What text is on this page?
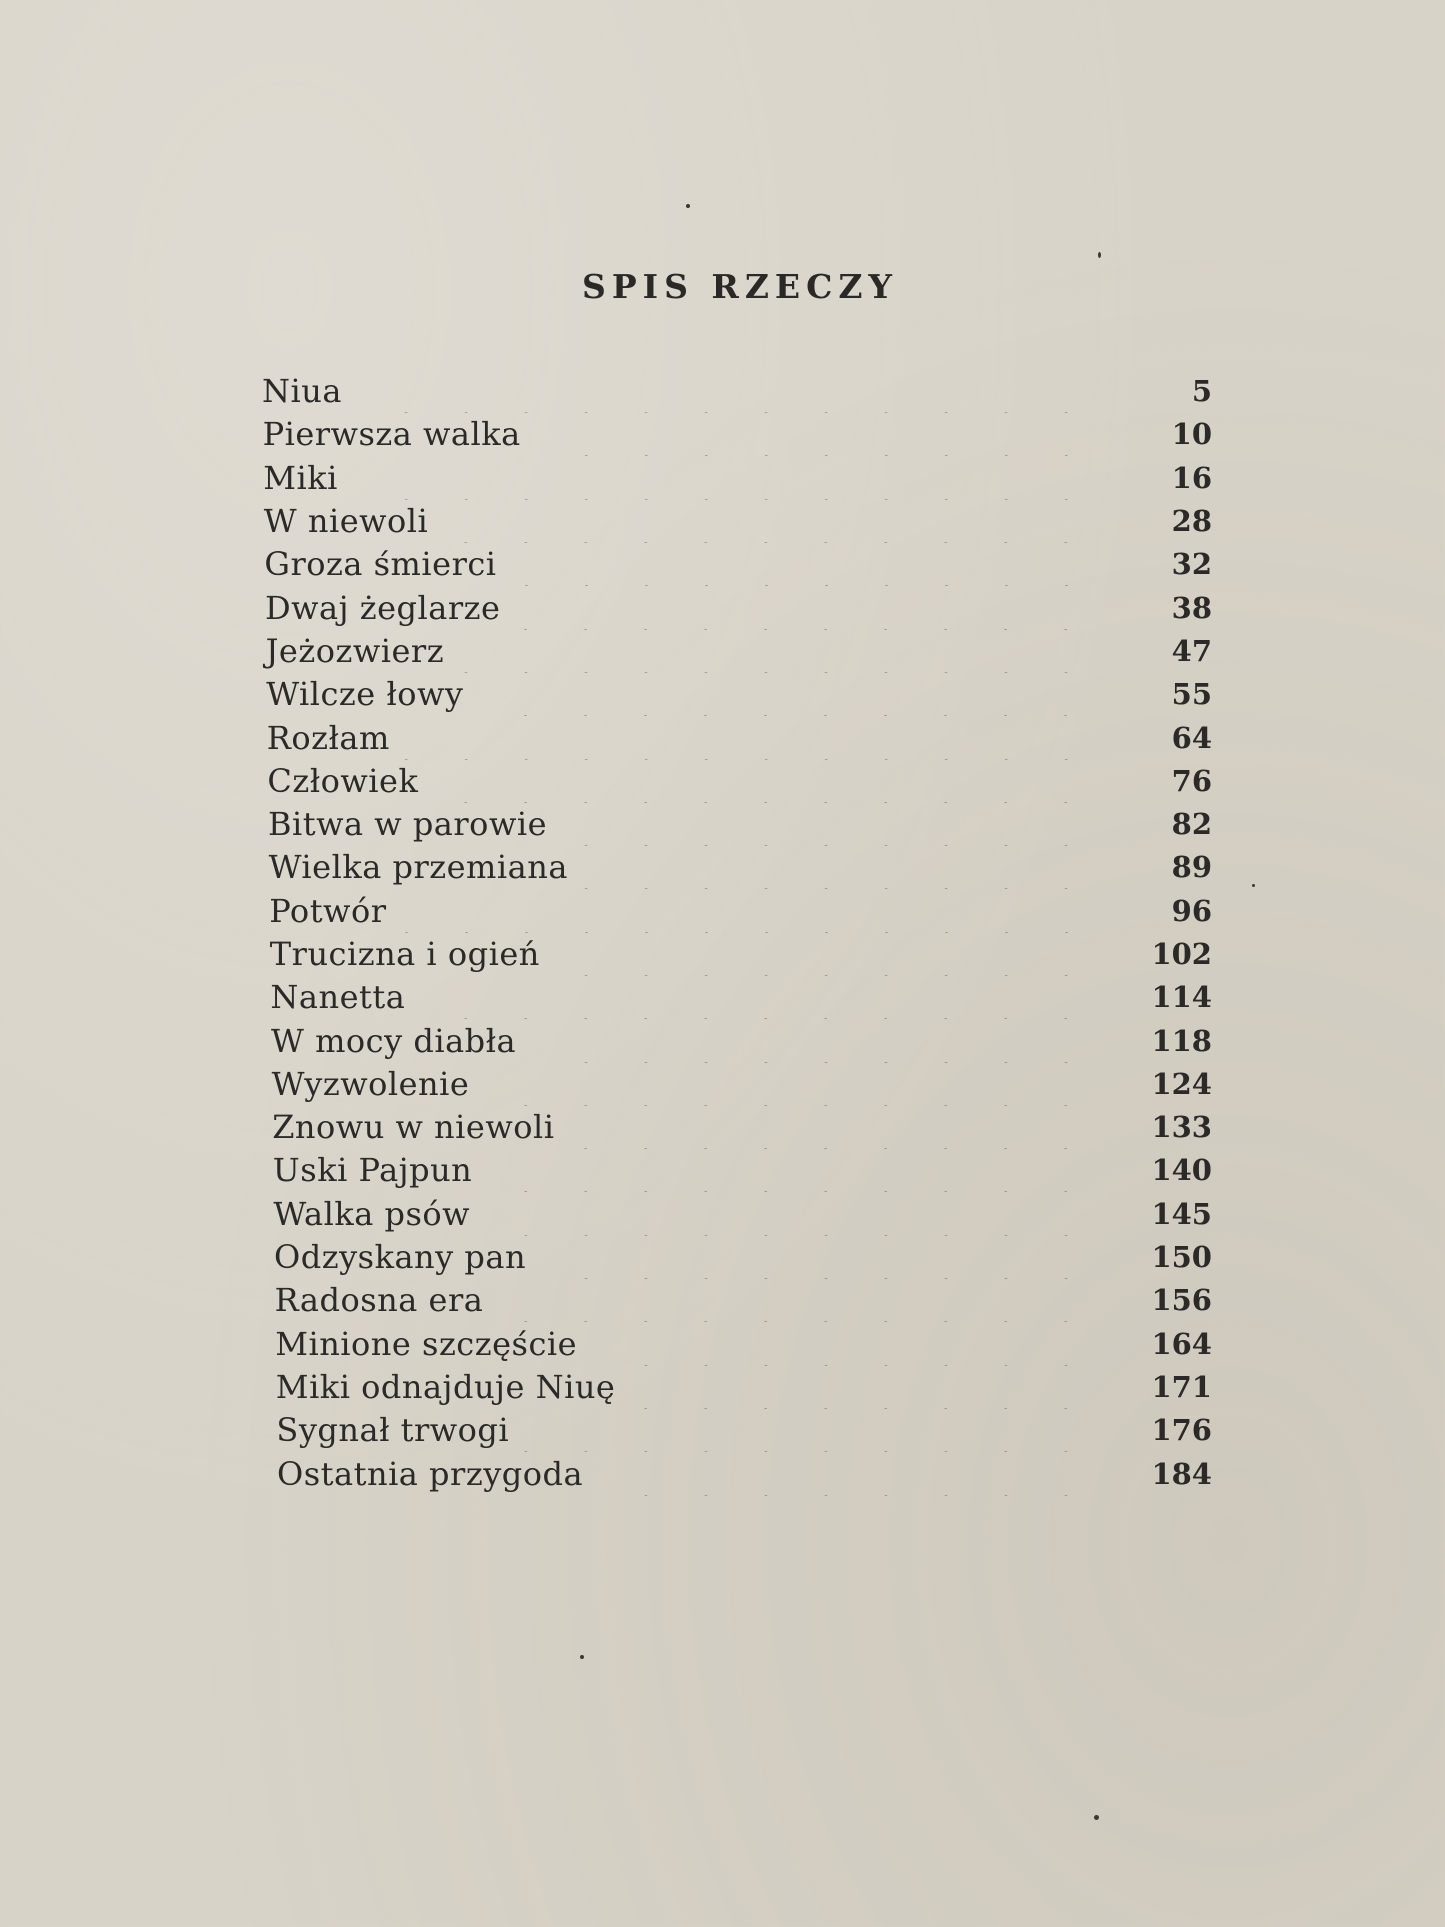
SPIS RZECZY
Niua	5
Pierwsza walka	10
Miki	16
W niewoli	28
Groza śmierci	32
Dwaj żeglarze	38
Jeżozwierz	47
Wilcze łowy	55
Rozłam	64
Człowiek	76
Bitwa w parowie	82
Wielka przemiana	89
Potwór	96
Trucizna i ogień	102
Nanetta	114
W mocy diabła	118
Wyzwolenie	124
Znowu w niewoli	133
Uski Pajpun	140
Walka psów	145
Odzyskany pan	150
Radosna era	156
Minione szczęście	164
Miki odnajduje Niuę	171
Sygnał trwogi	176
Ostatnia przygoda	184
